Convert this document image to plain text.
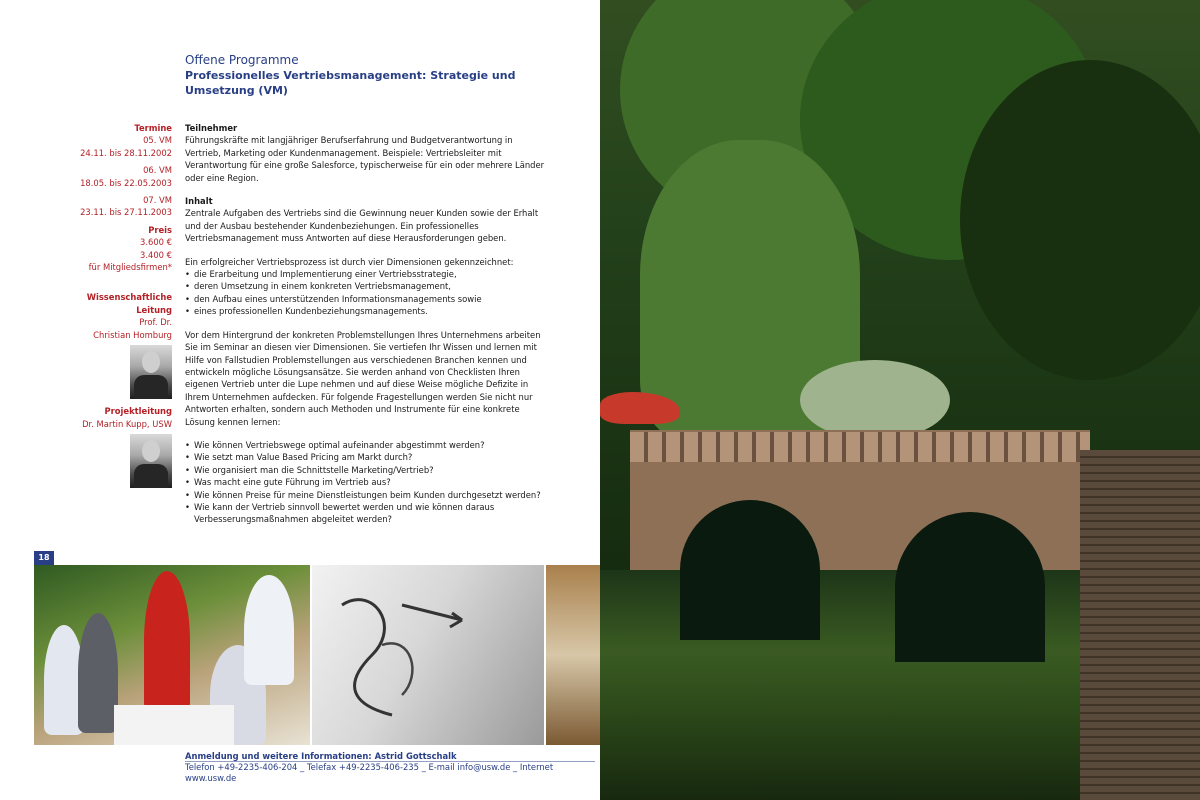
Offene Programme
Professionelles Vertriebsmanagement: Strategie und Umsetzung (VM)
Termine
05. VM
24.11. bis 28.11.2002
06. VM
18.05. bis 22.05.2003
07. VM
23.11. bis 27.11.2003
Preis
3.600 €
3.400 €
für Mitgliedsfirmen*
Wissenschaftliche
Leitung
Prof. Dr.
Christian Homburg
Projektleitung
Dr. Martin Kupp, USW
Teilnehmer
Führungskräfte mit langjähriger Berufserfahrung und Budgetverantwortung in Vertrieb, Marketing oder Kundenmanagement. Beispiele: Vertriebsleiter mit Verantwortung für eine große Salesforce, typischerweise für ein oder mehrere Länder oder eine Region.
Inhalt
Zentrale Aufgaben des Vertriebs sind die Gewinnung neuer Kunden sowie der Erhalt und der Ausbau bestehender Kundenbeziehungen. Ein professionelles Vertriebsmanagement muss Antworten auf diese Herausforderungen geben.
Ein erfolgreicher Vertriebsprozess ist durch vier Dimensionen gekennzeichnet:
• die Erarbeitung und Implementierung einer Vertriebsstrategie,
• deren Umsetzung in einem konkreten Vertriebsmanagement,
• den Aufbau eines unterstützenden Informationsmanagements sowie
• eines professionellen Kundenbeziehungsmanagements.

Vor dem Hintergrund der konkreten Problemstellungen Ihres Unternehmens arbeiten Sie im Seminar an diesen vier Dimensionen. Sie vertiefen Ihr Wissen und lernen mit Hilfe von Fallstudien Problemstellungen aus verschiedenen Branchen kennen und entwickeln mögliche Lösungsansätze. Sie werden anhand von Checklisten Ihren eigenen Vertrieb unter die Lupe nehmen und auf diese Weise mögliche Defizite in Ihrem Unternehmen aufdecken. Für folgende Fragestellungen werden Sie nicht nur Antworten erhalten, sondern auch Methoden und Instrumente für eine konkrete Lösung kennen lernen:

• Wie können Vertriebswege optimal aufeinander abgestimmt werden?
• Wie setzt man Value Based Pricing am Markt durch?
• Wie organisiert man die Schnittstelle Marketing/Vertrieb?
• Was macht eine gute Führung im Vertrieb aus?
• Wie können Preise für meine Dienstleistungen beim Kunden durchgesetzt werden?
• Wie kann der Vertrieb sinnvoll bewertet werden und wie können daraus Verbesserungsmaßnahmen abgeleitet werden?
18
Anmeldung und weitere Informationen: Astrid Gottschalk
Telefon +49-2235-406-204 _ Telefax +49-2235-406-235 _ E-mail info@usw.de _ Internet www.usw.de
